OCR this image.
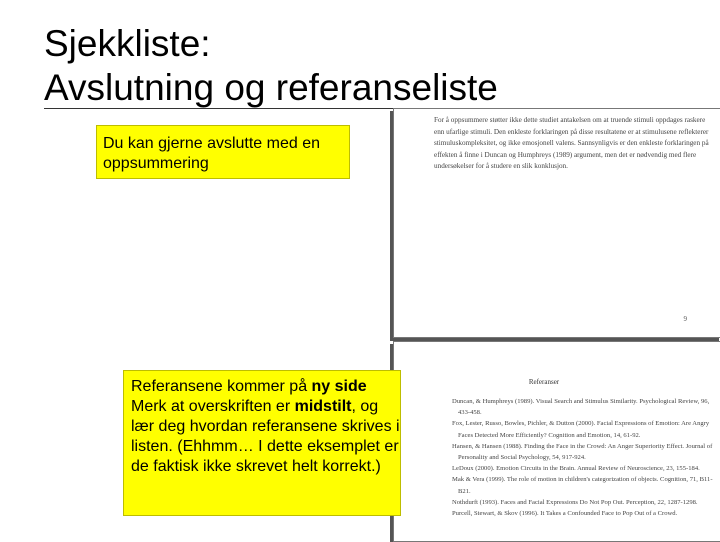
Sjekkliste:
Avslutning og referanseliste
For å oppsummere støtter ikke dette studiet antakelsen om at truende stimuli oppdages raskere enn ufarlige stimuli. Den enkleste forklaringen på disse resultatene er at stimulusene reflekterer stimuluskompleksitet, og ikke emosjonell valens. Sannsynligvis er den enkleste forklaringen på effekten å finne i Duncan og Humphreys (1989) argument, men det er nødvendig med flere undersøkelser for å studere en slik konklusjon.
9
Referanser
Duncan, & Humphreys (1989). Visual Search and Stimulus Similarity. Psychological Review, 96, 433-458.
Fox, Lester, Russo, Bowles, Pichler, & Dutton (2000). Facial Expressions of Emotion: Are Angry Faces Detected More Efficiently? Cognition and Emotion, 14, 61-92.
Hansen, & Hansen (1988). Finding the Face in the Crowd: An Anger Superiority Effect. Journal of Personality and Social Psychology, 54, 917-924.
LeDoux (2000). Emotion Circuits in the Brain. Annual Review of Neuroscience, 23, 155-184.
Mak & Vera (1999). The role of motion in children's categorization of objects. Cognition, 71, B11-B21.
Nothdurft (1993). Faces and Facial Expressions Do Not Pop Out. Perception, 22, 1287-1298.
Purcell, Stewart, & Skov (1996). It Takes a Confounded Face to Pop Out of a Crowd.
Du kan gjerne avslutte med en oppsummering
Referansene kommer på ny side
Merk at overskriften er midstilt, og lær deg hvordan referansene skrives i listen. (Ehhmm… I dette eksemplet er de faktisk ikke skrevet helt korrekt.)
